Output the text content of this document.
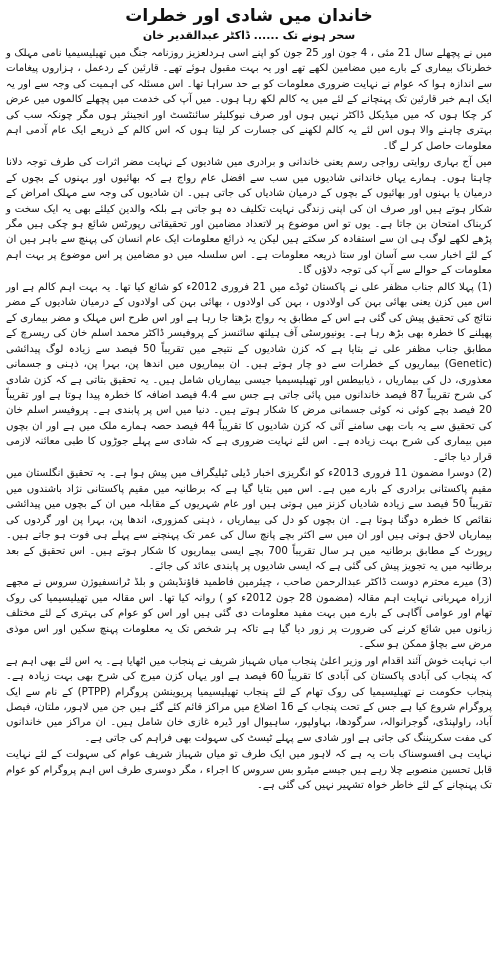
خاندان میں شادی اور خطرات
سحر ہونے تک ...... ڈاکٹر عبدالقدیر خان

میں نے پچھلے سال 21 مئی ، 4 جون اور 25 جون کو اپنے اسی ہردلعزیز روزنامہ جنگ میں تھیلیسیمیا نامی مہلک و خطرناک بیماری کے بارے میں مضامین لکھے تھے اور یہ بہت مقبول ہوئے تھے۔ قارئین کے ردعمل ، ہزاروں پیغامات سے اندازہ ہوا کہ عوام نے نہایت ضروری معلومات کو بے حد سراہا تھا۔ اس مسئلہ کی اہمیت کی وجہ سے اور یہ ایک اہم خبر قارئین تک پہنچانے کے لئے میں یہ کالم لکھ رہا ہوں۔ میں آپ کی خدمت میں پچھلے کالموں میں عرض کر چکا ہوں کہ میں میڈیکل ڈاکٹر نہیں ہوں اور صرف نیوکلیئر سائنٹسٹ اور انجینئر ہوں مگر چونکہ سب کی بہتری چاہنے والا ہوں اس لئے یہ کالم لکھنے کی جسارت کر لیتا ہوں کہ اس کالم کے ذریعے ایک عام آدمی اہم معلومات حاصل کر لے گا۔

میں آج بہاری روایتی رواجی رسم یعنی خاندانی و برادری میں شادیوں کے نہایت مضر اثرات کی طرف توجہ دلانا چاہتا ہوں۔ ہمارے یہاں خاندانی شادیوں میں سب سے افضل عام رواج ہے کہ بھائیوں اور بہنوں کے بچوں کے درمیان یا بہنوں اور بھائیوں کے بچوں کے درمیان شادیاں کی جاتی ہیں۔ ان شادیوں کی وجہ سے مہلک امراض کے شکار ہوتے ہیں اور صرف ان کی اپنی زندگی نہایت تکلیف دہ ہو جاتی ہے بلکہ والدین کیلئے بھی یہ ایک سخت و کربناک امتحان بن جاتا ہے۔ یوں تو اس موضوع پر لاتعداد مضامین اور تحقیقاتی رپورٹس شائع ہو چکی ہیں مگر پڑھے لکھے لوگ ہی ان سے استفادہ کر سکتے ہیں لیکن یہ ذرائع معلومات ایک عام انسان کی پہنچ سے باہر ہیں ان کے لئے اخبار سب سے آسان اور ستا ذریعہ معلومات ہے۔ اس سلسلہ میں دو مضامین پر اس موضوع پر بہت اہم معلومات کے حوالے سے آپ کی توجہ دلاؤں گا۔

(1) پہلا کالم جناب مظفر علی نے پاکستان ٹوڈے میں 21 فروری 2012ء کو شائع کیا تھا۔ یہ بہت اہم کالم ہے اور اس میں کزن یعنی بھائی بہن کی اولادوں ، بہن کی اولادوں ، بھائی بہن کی اولادوں کے درمیان شادیوں کے مضر نتائج کی تحقیق پیش کی گئی ہے اس کے مطابق یہ رواج بڑھتا جا رہا ہے اور اس طرح اس مہلک و مضر بیماری کے پھیلنے کا خطرہ بھی بڑھ رہا ہے۔ یونیورسٹی آف ہیلتھ سائنسز کے پروفیسر ڈاکٹر محمد اسلم خان کی ریسرچ کے مطابق جناب مظفر علی نے بتایا ہے کہ کزن شادیوں کے نتیجے میں تقریباً 50 فیصد سے زیادہ لوگ پیدائشی (Genetic) بیماریوں کے خطرات سے دو چار ہوتے ہیں۔ ان بیماریوں میں اندھا پن، بہرا پن، ذہنی و جسمانی معذوری، دل کی بیماریاں ، ذیابیطس اور تھیلیسیمیا جیسی بیماریاں شامل ہیں۔ یہ تحقیق بتاتی ہے کہ کزن شادی کی شرح تقریباً 87 فیصد خاندانوں میں پائی جاتی ہے جس سے 4.4 فیصد اضافہ کا خطرہ پیدا ہوتا ہے اور تقریباً 20 فیصد بچے کوئی نہ کوئی جسمانی مرض کا شکار ہوتے ہیں۔ دنیا میں اس پر پابندی ہے۔ پروفیسر اسلم خان کی تحقیق سے یہ بات بھی سامنے آئی کہ کزن شادیوں کا تقریباً 44 فیصد حصہ ہمارے ملک میں ہے اور ان بچوں میں بیماری کی شرح بہت زیادہ ہے۔ اس لئے نہایت ضروری ہے کہ شادی سے پہلے جوڑوں کا طبی معائنہ لازمی قرار دیا جائے۔

(2) دوسرا مضمون 11 فروری 2013ء کو انگریزی اخبار ڈیلی ٹیلیگراف میں پیش ہوا ہے۔ یہ تحقیق انگلستان میں مقیم پاکستانی برادری کے بارے میں ہے۔ اس میں بتایا گیا ہے کہ برطانیہ میں مقیم پاکستانی نژاد باشندوں میں تقریباً 50 فیصد سے زیادہ شادیاں کزنز میں ہوتی ہیں اور عام شہریوں کے مقابلہ میں ان کے بچوں میں پیدائشی نقائص کا خطرہ دوگنا ہوتا ہے۔ ان بچوں کو دل کی بیماریاں ، ذہنی کمزوری، اندھا پن، بہرا پن اور گردوں کی بیماریاں لاحق ہوتی ہیں اور ان میں سے اکثر بچے پانچ سال کی عمر تک پہنچنے سے پہلے ہی فوت ہو جاتے ہیں۔ رپورٹ کے مطابق برطانیہ میں ہر سال تقریباً 700 بچے ایسی بیماریوں کا شکار ہوتے ہیں۔ اس تحقیق کے بعد برطانیہ میں یہ تجویز پیش کی گئی ہے کہ ایسی شادیوں پر پابندی عائد کی جائے۔

(3) میرے محترم دوست ڈاکٹر عبدالرحمن صاحب ، چیئرمین فاطمید فاؤنڈیشن و بلڈ ٹرانسفیوژن سروس نے مجھے ازراہ مہربانی نہایت اہم مقالہ (مضمون 28 جون 2012ء کو ) روانہ کیا تھا۔ اس مقالہ میں تھیلیسیمیا کی روک تھام اور عوامی آگاہی کے بارے میں بہت مفید معلومات دی گئی ہیں اور اس کو عوام کی بہتری کے لئے مختلف زبانوں میں شائع کرنے کی ضرورت پر زور دیا گیا ہے تاکہ ہر شخص تک یہ معلومات پہنچ سکیں اور اس موذی مرض سے بچاؤ ممکن ہو سکے۔

اب نہایت خوش آئند اقدام اور وزیر اعلیٰ پنجاب میاں شہباز شریف نے پنجاب میں اٹھایا ہے۔ یہ اس لئے بھی اہم ہے کہ پنجاب کی آبادی پاکستان کی آبادی کا تقریباً 60 فیصد ہے اور یہاں کزن میرج کی شرح بھی بہت زیادہ ہے۔ پنجاب حکومت نے تھیلیسیمیا کی روک تھام کے لئے پنجاب تھیلیسیمیا پریوینشن پروگرام (PTPP) کے نام سے ایک پروگرام شروع کیا ہے جس کے تحت پنجاب کے 16 اضلاع میں مراکز قائم کئے گئے ہیں جن میں لاہور، ملتان، فیصل آباد، راولپنڈی، گوجرانوالہ، سرگودھا، بہاولپور، ساہیوال اور ڈیرہ غازی خان شامل ہیں۔ ان مراکز میں خاندانوں کی مفت سکریننگ کی جاتی ہے اور شادی سے پہلے ٹیسٹ کی سہولت بھی فراہم کی جاتی ہے۔

نہایت ہی افسوسناک بات یہ ہے کہ لاہور میں ایک طرف تو میاں شہباز شریف عوام کی سہولت کے لئے نہایت قابل تحسین منصوبے چلا رہے ہیں جیسے میٹرو بس سروس کا اجراء ، مگر دوسری طرف اس اہم پروگرام کو عوام تک پہنچانے کے لئے خاطر خواہ تشہیر نہیں کی گئی ہے۔
